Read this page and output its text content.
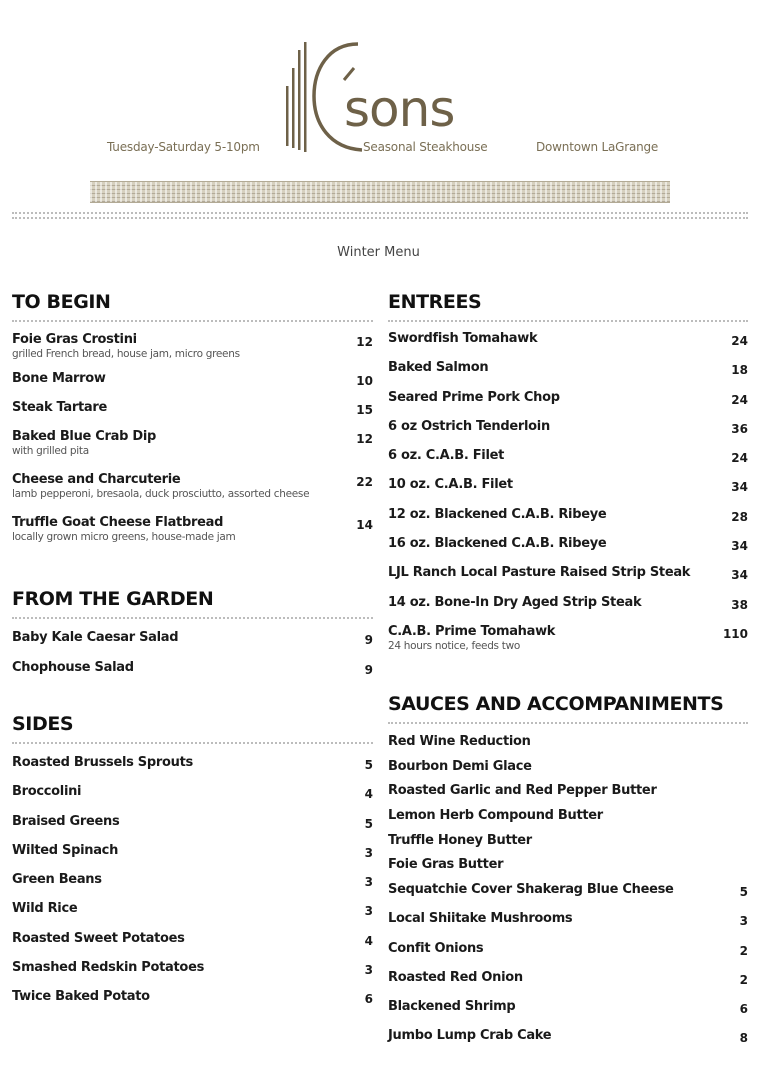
Tuesday-Saturday 5-10pm
sons
Seasonal Steakhouse	Downtown LaGrange
Winter Menu
TO BEGIN
Foie Gras Crostini
grilled French bread, house jam, micro greens
12
Bone Marrow	10
Steak Tartare	15
Baked Blue Crab Dip
with grilled pita
12
Cheese and Charcuterie
lamb pepperoni, bresaola, duck prosciutto, assorted cheese
22
Truffle Goat Cheese Flatbread
locally grown micro greens, house-made jam
14
FROM THE GARDEN
Baby Kale Caesar Salad	9
Chophouse Salad	9
SIDES
Roasted Brussels Sprouts	5
Broccolini	4
Braised Greens	5
Wilted Spinach	3
Green Beans	3
Wild Rice	3
Roasted Sweet Potatoes	4
Smashed Redskin Potatoes	3
Twice Baked Potato	6
ENTREES
Swordfish Tomahawk	24
Baked Salmon	18
Seared Prime Pork Chop	24
6 oz Ostrich Tenderloin	36
6 oz. C.A.B. Filet	24
10 oz. C.A.B. Filet	34
12 oz. Blackened C.A.B. Ribeye	28
16 oz. Blackened C.A.B. Ribeye	34
LJL Ranch Local Pasture Raised Strip Steak	34
14 oz. Bone-In Dry Aged Strip Steak	38
C.A.B. Prime Tomahawk
24 hours notice, feeds two
110
SAUCES AND ACCOMPANIMENTS
Red Wine Reduction
Bourbon Demi Glace
Roasted Garlic and Red Pepper Butter
Lemon Herb Compound Butter
Truffle Honey Butter
Foie Gras Butter
Sequatchie Cover Shakerag Blue Cheese	5
Local Shiitake Mushrooms	3
Confit Onions	2
Roasted Red Onion	2
Blackened Shrimp	6
Jumbo Lump Crab Cake	8
